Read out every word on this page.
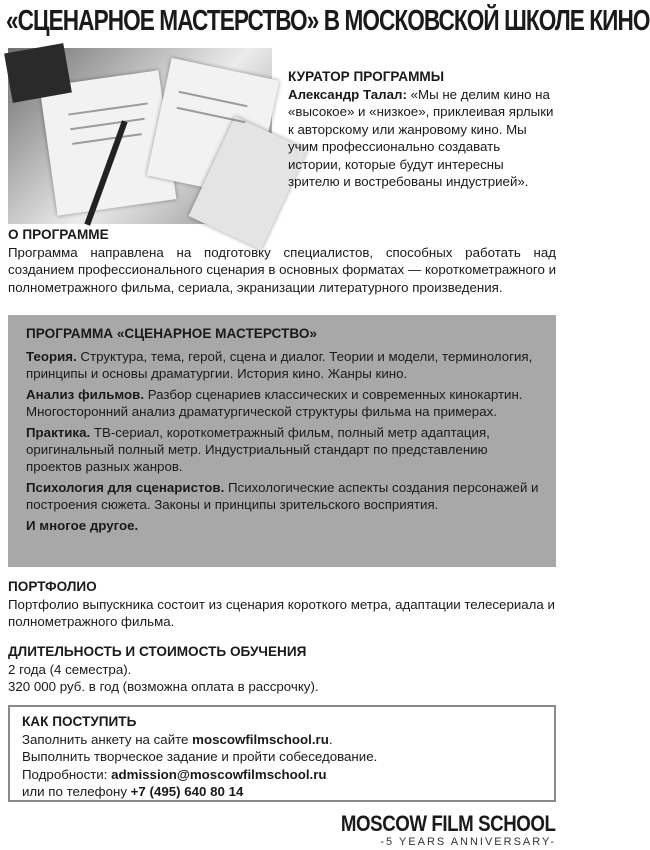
«СЦЕНАРНОЕ МАСТЕРСТВО» В МОСКОВСКОЙ ШКОЛЕ КИНО

КУРАТОР ПРОГРАММЫ

Александр Талал: «Мы не делим кино на «высокое» и «низкое», приклеивая ярлыки к авторскому или жанровому кино. Мы учим профессионально создавать истории, которые будут интересны зрителю и востребованы индустрией».

О ПРОГРАММЕ

Программа направлена на подготовку специалистов, способных работать над созданием профессионального сценария в основных форматах — короткометражного и полнометражного фильма, сериала, экранизации литературного произведения.

ПРОГРАММА «СЦЕНАРНОЕ МАСТЕРСТВО»

Теория. Структура, тема, герой, сцена и диалог. Теории и модели, терминология, принципы и основы драматургии. История кино. Жанры кино.

Анализ фильмов. Разбор сценариев классических и современных кинокартин. Многосторонний анализ драматургической структуры фильма на примерах.

Практика. ТВ-сериал, короткометражный фильм, полный метр адаптация, оригинальный полный метр. Индустриальный стандарт по представлению проектов разных жанров.

Психология для сценаристов. Психологические аспекты создания персонажей и построения сюжета. Законы и принципы зрительского восприятия.

И многое другое.

ПОРТФОЛИО

Портфолио выпускника состоит из сценария короткого метра, адаптации телесериала и полнометражного фильма.

ДЛИТЕЛЬНОСТЬ И СТОИМОСТЬ ОБУЧЕНИЯ

2 года (4 семестра).

320 000 руб. в год (возможна оплата в рассрочку).

КАК ПОСТУПИТЬ

Заполнить анкету на сайте moscowfilmschool.ru.

Выполнить творческое задание и пройти собеседование.

Подробности: admission@moscowfilmschool.ru

или по телефону +7 (495) 640 80 14

MOSCOW FILM SCHOOL
-5 YEARS ANNIVERSARY-
